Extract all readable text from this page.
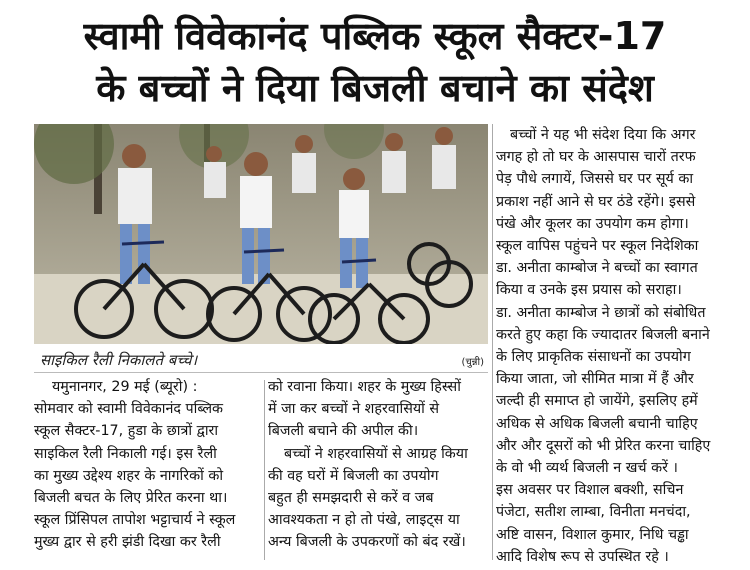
स्वामी विवेकानंद पब्लिक स्कूल सैक्टर-17
के बच्चों ने दिया बिजली बचाने का संदेश
साइकिल रैली निकालते बच्चे।	(चुन्नी)
बच्चों ने यह भी संदेश दिया कि अगर
जगह हो तो घर के आसपास चारों तरफ
पेड़ पौधे लगायें, जिससे घर पर सूर्य का
प्रकाश नहीं आने से घर ठंडे रहेंगे। इससे
पंखे और कूलर का उपयोग कम होगा।
स्कूल वापिस पहुंचने पर स्कूल निदेशिका
डा. अनीता काम्बोज ने बच्चों का स्वागत
किया व उनके इस प्रयास को सराहा।
डा. अनीता काम्बोज ने छात्रों को संबोधित
करते हुए कहा कि ज्यादातर बिजली बनाने
के लिए प्राकृतिक संसाधनों का उपयोग
किया जाता, जो सीमित मात्रा में हैं और
जल्दी ही समाप्त हो जायेंगे, इसलिए हमें
अधिक से अधिक बिजली बचानी चाहिए
और और दूसरों को भी प्रेरित करना चाहिए
के वो भी व्यर्थ बिजली न खर्च करें ।
इस अवसर पर विशाल बक्शी, सचिन
पंजेटा, सतीश लाम्बा, विनीता मनचंदा,
अष्टि वासन, विशाल कुमार, निधि चड्ढा
आदि विशेष रूप से उपस्थित रहे ।
यमुनानगर, 29 मई (ब्यूरो) :
सोमवार को स्वामी विवेकानंद पब्लिक
स्कूल सैक्टर-17, हुडा के छात्रों द्वारा
साइकिल रैली निकाली गई। इस रैली
का मुख्य उद्देश्य शहर के नागरिकों को
बिजली बचत के लिए प्रेरित करना था।
स्कूल प्रिंसिपल तापोश भट्टाचार्य ने स्कूल
मुख्य द्वार से हरी झंडी दिखा कर रैली
को रवाना किया। शहर के मुख्य हिस्सों
में जा कर बच्चों ने शहरवासियों से
बिजली बचाने की अपील की।
बच्चों ने शहरवासियों से आग्रह किया
की वह घरों में बिजली का उपयोग
बहुत ही समझदारी से करें व जब
आवश्यकता न हो तो पंखे, लाइट्स या
अन्य बिजली के उपकरणों को बंद रखें।
